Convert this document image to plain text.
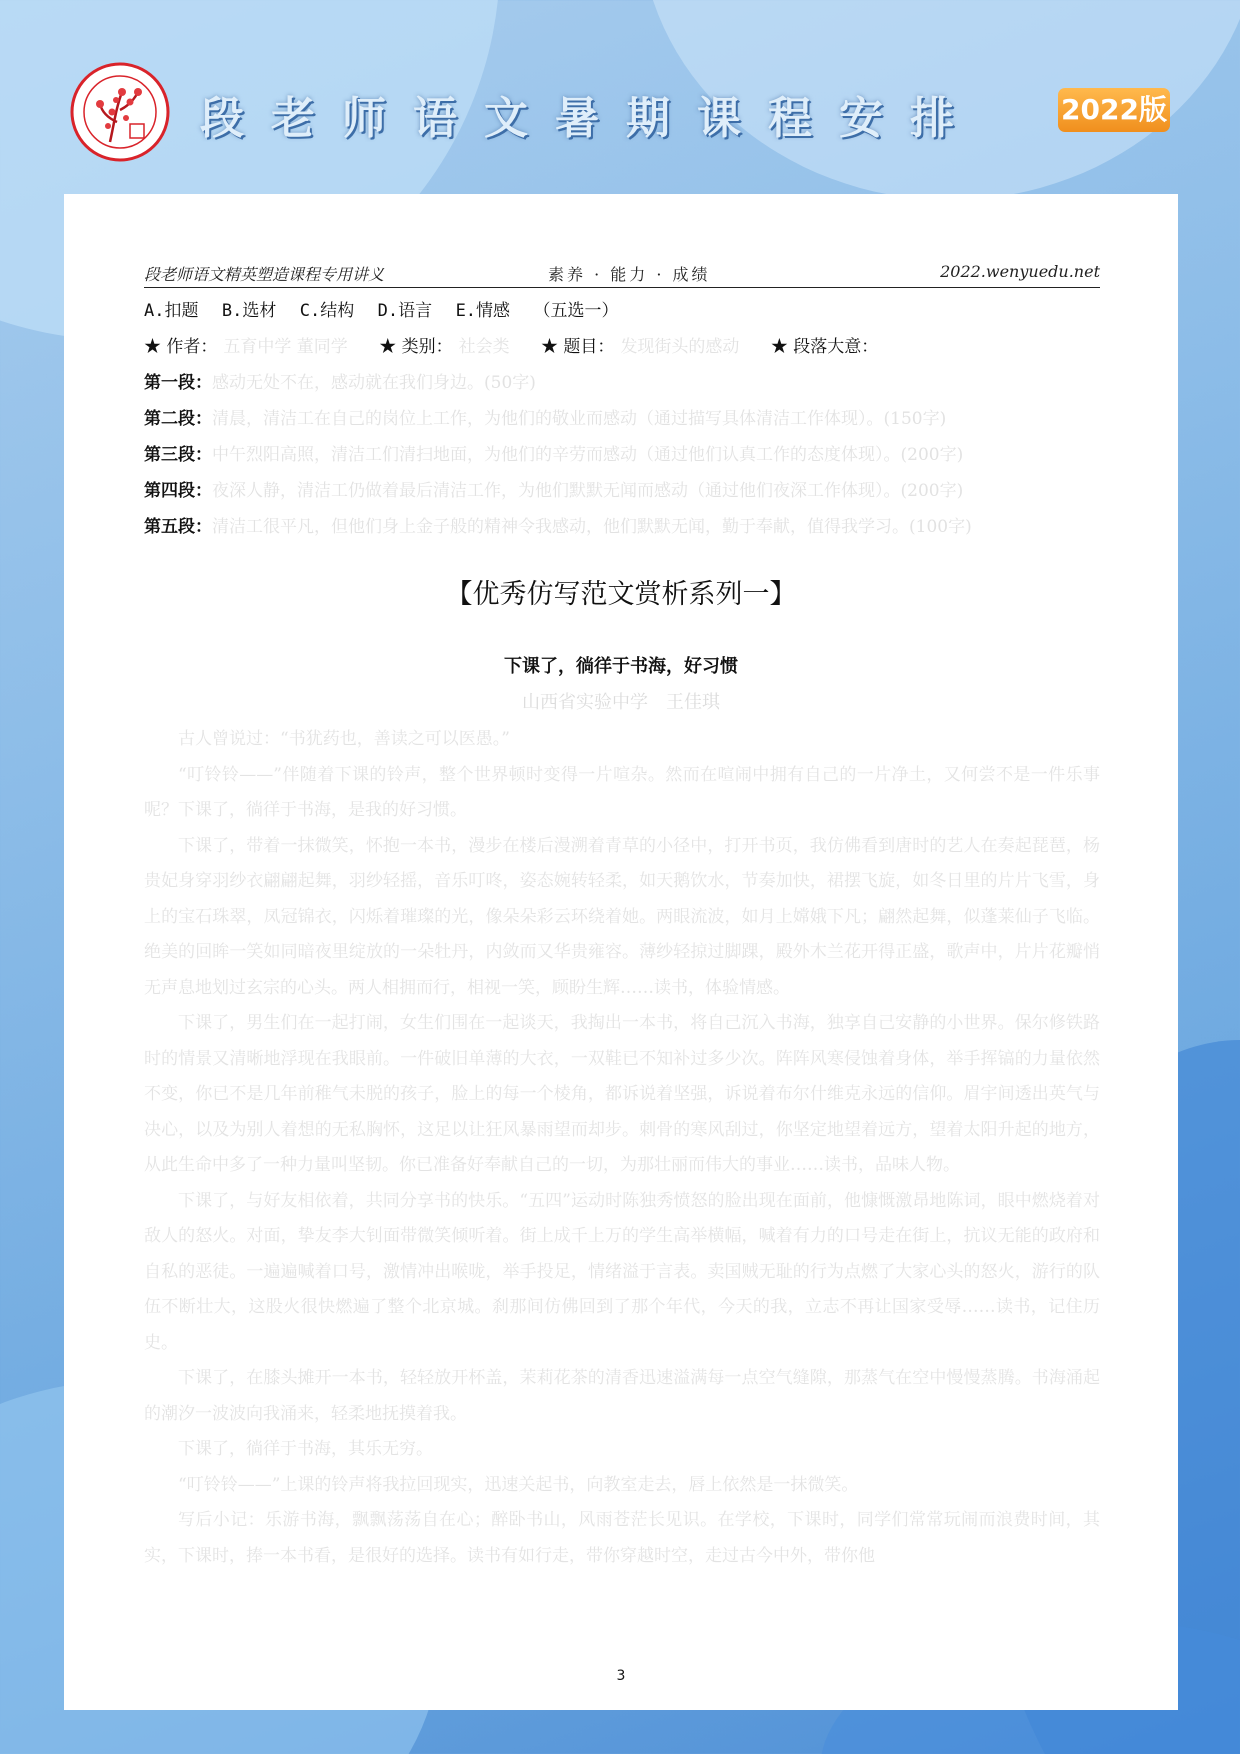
段老师语文暑期课程安排	2022版
段老师语文精英塑造课程专用讲义	素养 · 能力 · 成绩	2022.wenyuedu.net
A.扣题 B.选材 C.结构 D.语言 E.情感 （五选一）
★ 作者： 五育中学 董同学 ★ 类别： 社会类 ★ 题目： 发现街头的感动 ★ 段落大意：
第一段：感动无处不在，感动就在我们身边。(50字)
第二段：清晨，清洁工在自己的岗位上工作，为他们的敬业而感动（通过描写具体清洁工作体现）。(150字)
第三段：中午烈阳高照，清洁工们清扫地面，为他们的辛劳而感动（通过他们认真工作的态度体现）。(200字)
第四段：夜深人静，清洁工仍做着最后清洁工作，为他们默默无闻而感动（通过他们夜深工作体现）。(200字)
第五段：清洁工很平凡，但他们身上金子般的精神令我感动，他们默默无闻，勤于奉献，值得我学习。(100字)
【优秀仿写范文赏析系列一】
下课了，徜徉于书海，好习惯
山西省实验中学　王佳琪

古人曾说过：“书犹药也，善读之可以医愚。”

“叮铃铃——”伴随着下课的铃声，整个世界顿时变得一片喧杂。然而在喧闹中拥有自己的一片净土，又何尝不是一件乐事呢？下课了，徜徉于书海，是我的好习惯。

下课了，带着一抹微笑，怀抱一本书，漫步在楼后漫溯着青草的小径中，打开书页，我仿佛看到唐时的艺人在奏起琵琶，杨贵妃身穿羽纱衣翩翩起舞，羽纱轻摇，音乐叮咚，姿态婉转轻柔，如天鹅饮水，节奏加快，裙摆飞旋，如冬日里的片片飞雪，身上的宝石珠翠，凤冠锦衣，闪烁着璀璨的光，像朵朵彩云环绕着她。两眼流波，如月上嫦娥下凡；翩然起舞，似蓬莱仙子飞临。绝美的回眸一笑如同暗夜里绽放的一朵牡丹，内敛而又华贵雍容。薄纱轻掠过脚踝，殿外木兰花开得正盛，歌声中，片片花瓣悄无声息地划过玄宗的心头。两人相拥而行，相视一笑，顾盼生辉……读书，体验情感。

下课了，男生们在一起打闹，女生们围在一起谈天，我掏出一本书，将自己沉入书海，独享自己安静的小世界。保尔修铁路时的情景又清晰地浮现在我眼前。一件破旧单薄的大衣，一双鞋已不知补过多少次。阵阵风寒侵蚀着身体，举手挥镐的力量依然不变，你已不是几年前稚气未脱的孩子，脸上的每一个棱角，都诉说着坚强，诉说着布尔什维克永远的信仰。眉宇间透出英气与决心，以及为别人着想的无私胸怀，这足以让狂风暴雨望而却步。刺骨的寒风刮过，你坚定地望着远方，望着太阳升起的地方，从此生命中多了一种力量叫坚韧。你已准备好奉献自己的一切，为那壮丽而伟大的事业……读书，品味人物。

下课了，与好友相依着，共同分享书的快乐。“五四”运动时陈独秀愤怒的脸出现在面前，他慷慨激昂地陈词，眼中燃烧着对敌人的怒火。对面，挚友李大钊面带微笑倾听着。街上成千上万的学生高举横幅，喊着有力的口号走在街上，抗议无能的政府和自私的恶徒。一遍遍喊着口号，激情冲出喉咙，举手投足，情绪溢于言表。卖国贼无耻的行为点燃了大家心头的怒火，游行的队伍不断壮大，这股火很快燃遍了整个北京城。刹那间仿佛回到了那个年代，今天的我，立志不再让国家受辱……读书，记住历史。

下课了，在膝头摊开一本书，轻轻放开杯盖，茉莉花茶的清香迅速溢满每一点空气缝隙，那蒸气在空中慢慢蒸腾。书海涌起的潮汐一波波向我涌来，轻柔地抚摸着我。

下课了，徜徉于书海，其乐无穷。

“叮铃铃——”上课的铃声将我拉回现实，迅速关起书，向教室走去，唇上依然是一抹微笑。

写后小记：乐游书海，飘飘荡荡自在心；醉卧书山，风雨苍茫长见识。在学校，下课时，同学们常常玩闹而浪费时间，其实，下课时，捧一本书看，是很好的选择。读书有如行走，带你穿越时空，走过古今中外，带你他

3
